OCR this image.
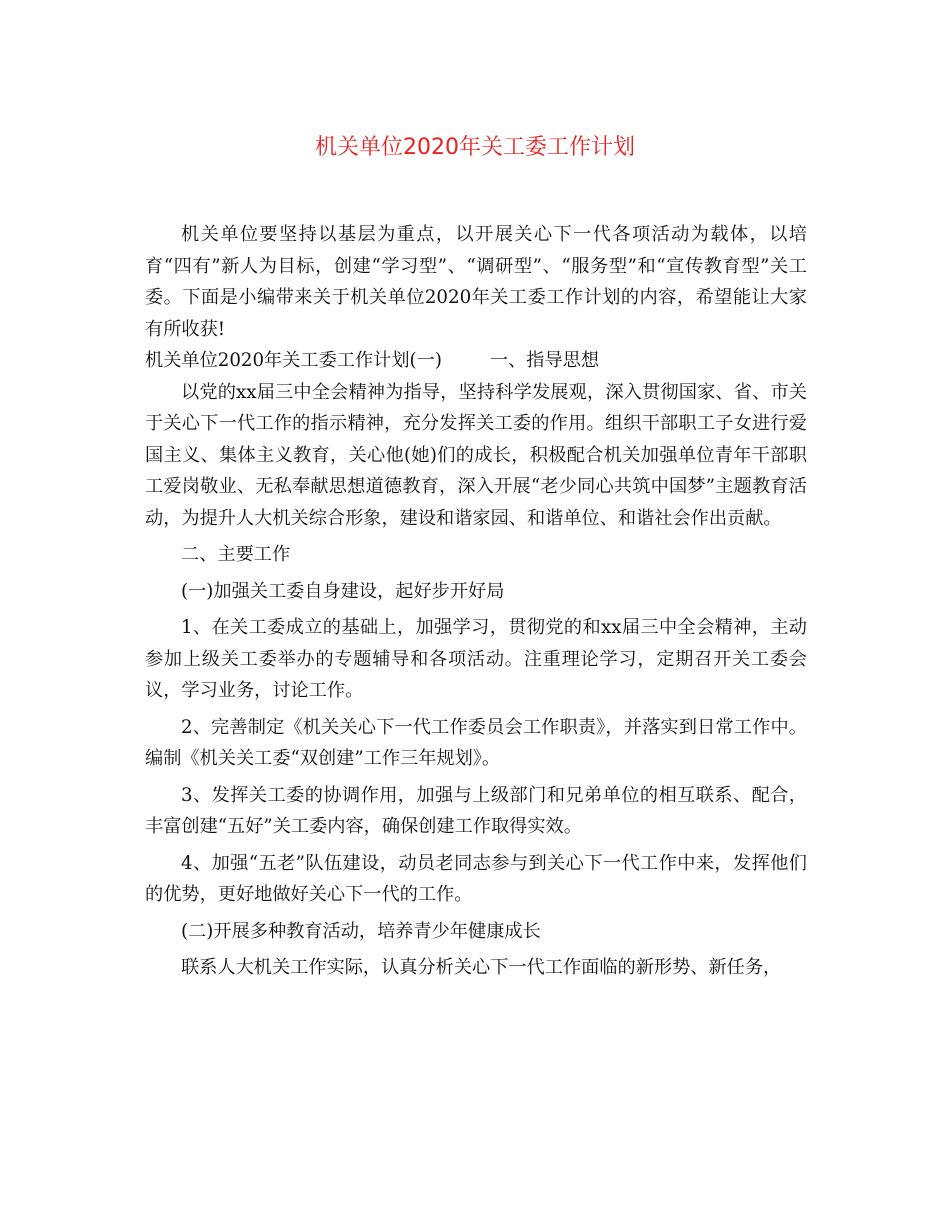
机关单位2020年关工委工作计划

机关单位要坚持以基层为重点，以开展关心下一代各项活动为载体，以培育“四有”新人为目标，创建“学习型”、“调研型”、“服务型”和“宣传教育型”关工委。下面是小编带来关于机关单位2020年关工委工作计划的内容，希望能让大家有所收获!

机关单位2020年关工委工作计划(一)	一、指导思想

以党的xx届三中全会精神为指导，坚持科学发展观，深入贯彻国家、省、市关于关心下一代工作的指示精神，充分发挥关工委的作用。组织干部职工子女进行爱国主义、集体主义教育，关心他(她)们的成长，积极配合机关加强单位青年干部职工爱岗敬业、无私奉献思想道德教育，深入开展“老少同心共筑中国梦”主题教育活动，为提升人大机关综合形象，建设和谐家园、和谐单位、和谐社会作出贡献。

二、主要工作

(一)加强关工委自身建设，起好步开好局

1、在关工委成立的基础上，加强学习，贯彻党的和xx届三中全会精神，主动参加上级关工委举办的专题辅导和各项活动。注重理论学习，定期召开关工委会议，学习业务，讨论工作。

2、完善制定《机关关心下一代工作委员会工作职责》，并落实到日常工作中。编制《机关关工委“双创建”工作三年规划》。

3、发挥关工委的协调作用，加强与上级部门和兄弟单位的相互联系、配合，丰富创建“五好”关工委内容，确保创建工作取得实效。

4、加强“五老”队伍建设，动员老同志参与到关心下一代工作中来，发挥他们的优势，更好地做好关心下一代的工作。

(二)开展多种教育活动，培养青少年健康成长

联系人大机关工作实际，认真分析关心下一代工作面临的新形势、新任务，
